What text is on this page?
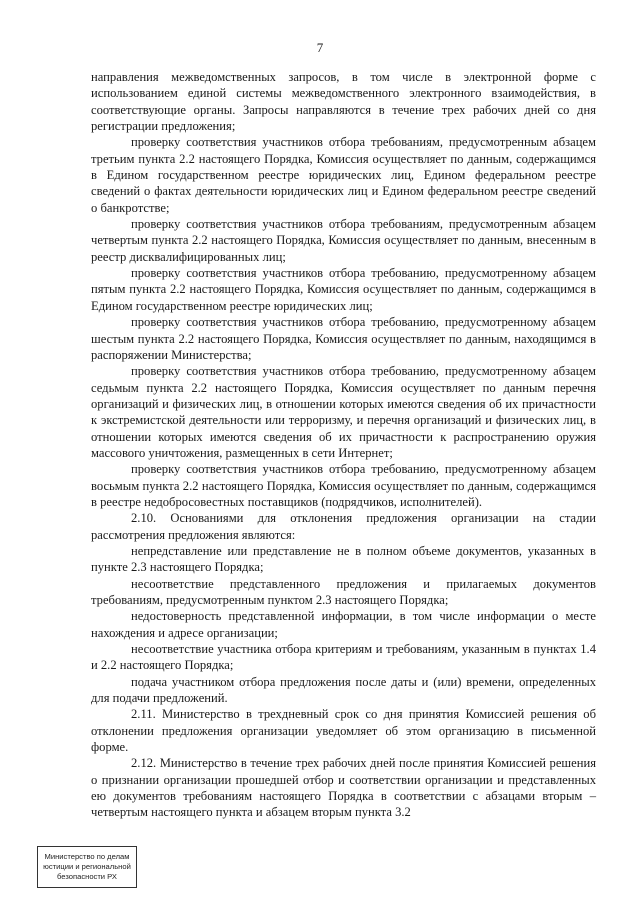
7

направления межведомственных запросов, в том числе в электронной форме с использованием единой системы межведомственного электронного взаимодействия, в соответствующие органы. Запросы направляются в течение трех рабочих дней со дня регистрации предложения;

проверку соответствия участников отбора требованиям, предусмотренным абзацем третьим пункта 2.2 настоящего Порядка, Комиссия осуществляет по данным, содержащимся в Едином государственном реестре юридических лиц, Едином федеральном реестре сведений о фактах деятельности юридических лиц и Едином федеральном реестре сведений о банкротстве;

проверку соответствия участников отбора требованиям, предусмотренным абзацем четвертым пункта 2.2 настоящего Порядка, Комиссия осуществляет по данным, внесенным в реестр дисквалифицированных лиц;

проверку соответствия участников отбора требованию, предусмотренному абзацем пятым пункта 2.2 настоящего Порядка, Комиссия осуществляет по данным, содержащимся в Едином государственном реестре юридических лиц;

проверку соответствия участников отбора требованию, предусмотренному абзацем шестым пункта 2.2 настоящего Порядка, Комиссия осуществляет по данным, находящимся в распоряжении Министерства;

проверку соответствия участников отбора требованию, предусмотренному абзацем седьмым пункта 2.2 настоящего Порядка, Комиссия осуществляет по данным перечня организаций и физических лиц, в отношении которых имеются сведения об их причастности к экстремистской деятельности или терроризму, и перечня организаций и физических лиц, в отношении которых имеются сведения об их причастности к распространению оружия массового уничтожения, размещенных в сети Интернет;

проверку соответствия участников отбора требованию, предусмотренному абзацем восьмым пункта 2.2 настоящего Порядка, Комиссия осуществляет по данным, содержащимся в реестре недобросовестных поставщиков (подрядчиков, исполнителей).

2.10. Основаниями для отклонения предложения организации на стадии рассмотрения предложения являются:

непредставление или представление не в полном объеме документов, указанных в пункте 2.3 настоящего Порядка;

несоответствие представленного предложения и прилагаемых документов требованиям, предусмотренным пунктом 2.3 настоящего Порядка;

недостоверность представленной информации, в том числе информации о месте нахождения и адресе организации;

несоответствие участника отбора критериям и требованиям, указанным в пунктах 1.4 и 2.2 настоящего Порядка;

подача участником отбора предложения после даты и (или) времени, определенных для подачи предложений.

2.11. Министерство в трехдневный срок со дня принятия Комиссией решения об отклонении предложения организации уведомляет об этом организацию в письменной форме.

2.12. Министерство в течение трех рабочих дней после принятия Комиссией решения о признании организации прошедшей отбор и соответствии организации и представленных ею документов требованиям настоящего Порядка в соответствии с абзацами вторым – четвертым настоящего пункта и абзацем вторым пункта 3.2

Министерство по делам
юстиции и региональной
безопасности РХ
